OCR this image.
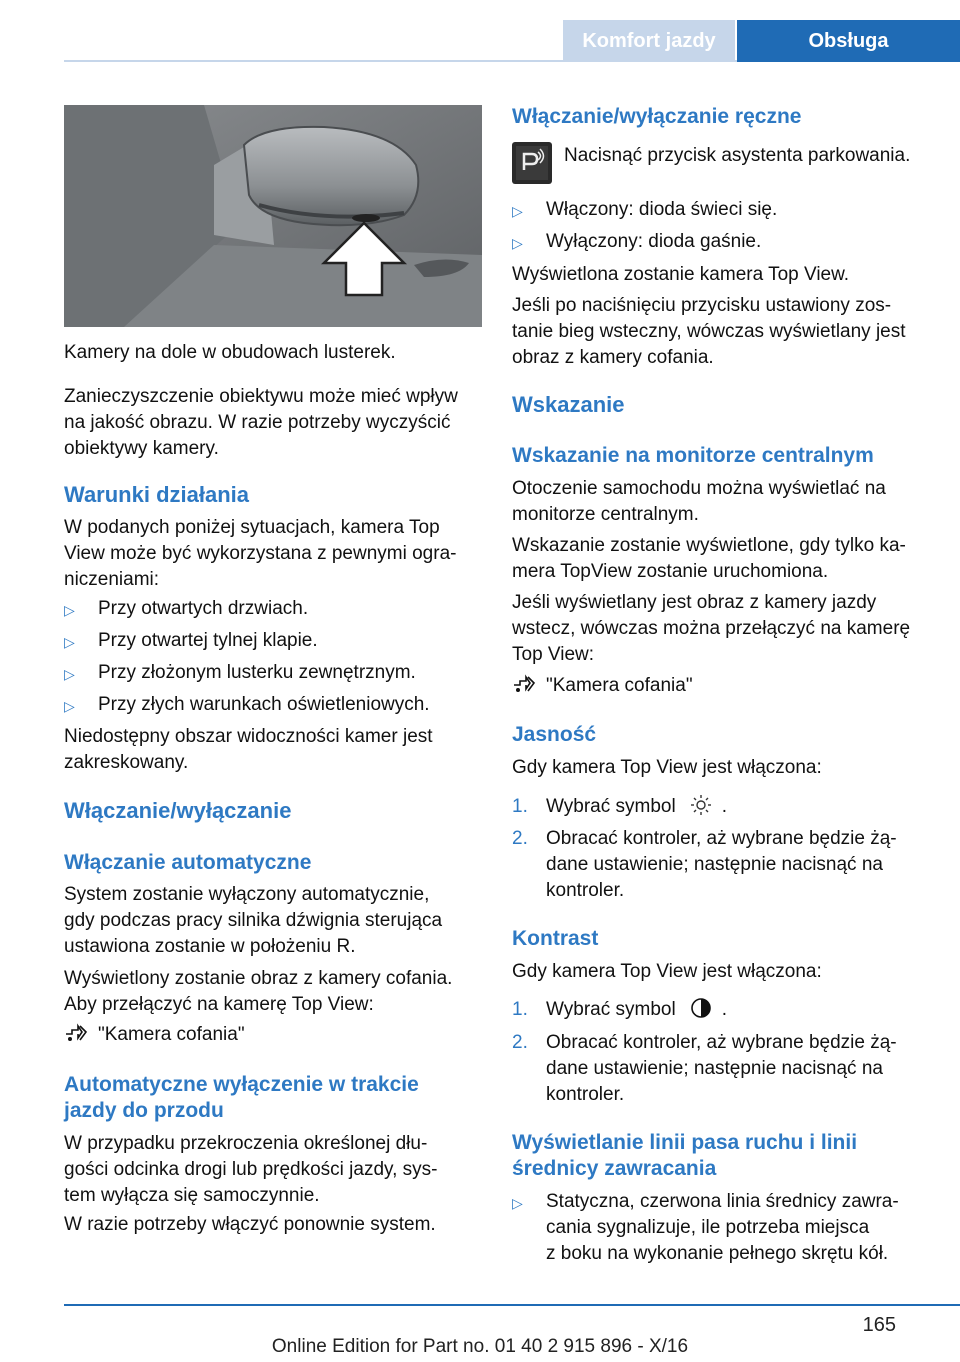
Komfort jazdy	Obsługa

Kamery na dole w obudowach lusterek.

Zanieczyszczenie obiektywu może mieć wpływ

na jakość obrazu. W razie potrzeby wyczyścić

obiektywy kamery.

Warunki działania

W podanych poniżej sytuacjach, kamera Top

View może być wykorzystana z pewnymi ogra‐

niczeniami:

▷	Przy otwartych drzwiach.
▷	Przy otwartej tylnej klapie.
▷	Przy złożonym lusterku zewnętrznym.
▷	Przy złych warunkach oświetleniowych.

Niedostępny obszar widoczności kamer jest

zakreskowany.

Włączanie/wyłączanie
Włączanie automatyczne

System zostanie wyłączony automatycznie,

gdy podczas pracy silnika dźwignia sterująca

ustawiona zostanie w położeniu R.

Wyświetlony zostanie obraz z kamery cofania.

Aby przełączyć na kamerę Top View:

"Kamera cofania"
Automatyczne wyłączenie w trakcie
jazdy do przodu

W przypadku przekroczenia określonej dłu‐

gości odcinka drogi lub prędkości jazdy, sys‐

tem wyłącza się samoczynnie.

W razie potrzeby włączyć ponownie system.

Włączanie/wyłączanie ręczne

Nacisnąć przycisk asystenta parkowania.

▷	Włączony: dioda świeci się.
▷	Wyłączony: dioda gaśnie.

Wyświetlona zostanie kamera Top View.

Jeśli po naciśnięciu przycisku ustawiony zos‐

tanie bieg wsteczny, wówczas wyświetlany jest

obraz z kamery cofania.

Wskazanie
Wskazanie na monitorze centralnym

Otoczenie samochodu można wyświetlać na

monitorze centralnym.

Wskazanie zostanie wyświetlone, gdy tylko ka‐

mera TopView zostanie uruchomiona.

Jeśli wyświetlany jest obraz z kamery jazdy

wstecz, wówczas można przełączyć na kamerę

Top View:

"Kamera cofania"
Jasność

Gdy kamera Top View jest włączona:

1. Wybrać symbol .
2. Obracać kontroler, aż wybrane będzie żą‐

dane ustawienie; następnie nacisnąć na

kontroler.

Kontrast

Gdy kamera Top View jest włączona:

1. Wybrać symbol .
2. Obracać kontroler, aż wybrane będzie żą‐

dane ustawienie; następnie nacisnąć na

kontroler.

Wyświetlanie linii pasa ruchu i linii
średnicy zawracania
▷	Statyczna, czerwona linia średnicy zawra‐

cania sygnalizuje, ile potrzeba miejsca

z boku na wykonanie pełnego skrętu kół.

165
Online Edition for Part no. 01 40 2 915 896 - X/16
